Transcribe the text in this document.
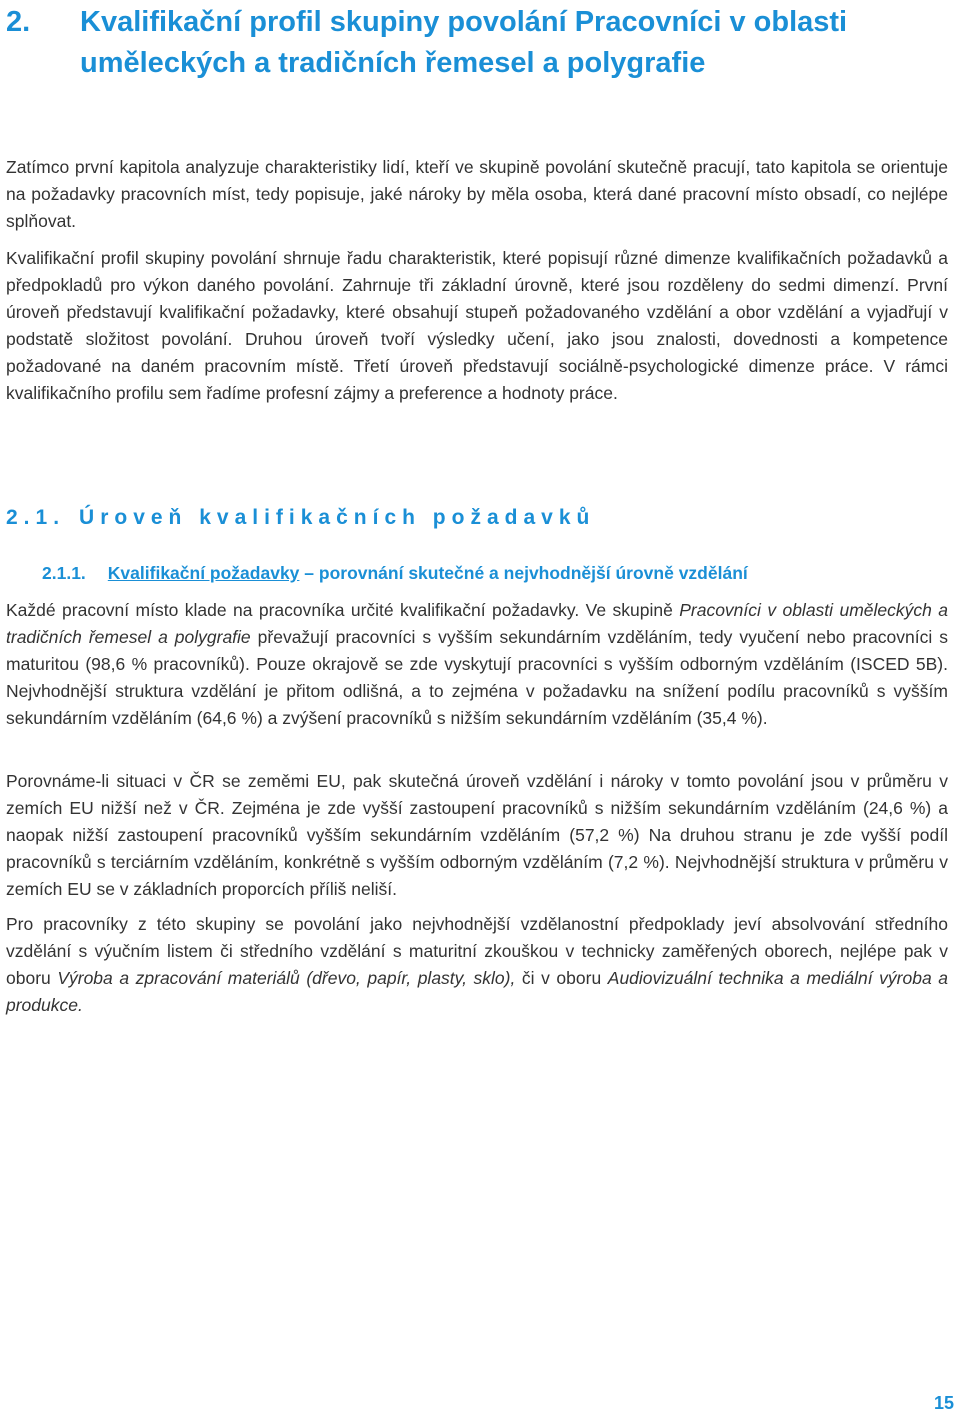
2. Kvalifikační profil skupiny povolání Pracovníci v oblasti
uměleckých a tradičních řemesel a polygrafie

Zatímco první kapitola analyzuje charakteristiky lidí, kteří ve skupině povolání skutečně pracují, tato kapitola se orientuje na požadavky pracovních míst, tedy popisuje, jaké nároky by měla osoba, která dané pracovní místo obsadí, co nejlépe splňovat.

Kvalifikační profil skupiny povolání shrnuje řadu charakteristik, které popisují různé dimenze kvalifikačních požadavků a předpokladů pro výkon daného povolání. Zahrnuje tři základní úrovně, které jsou rozděleny do sedmi dimenzí. První úroveň představují kvalifikační požadavky, které obsahují stupeň požadovaného vzdělání a obor vzdělání a vyjadřují v podstatě složitost povolání. Druhou úroveň tvoří výsledky učení, jako jsou znalosti, dovednosti a kompetence požadované na daném pracovním místě. Třetí úroveň představují sociálně-psychologické dimenze práce. V rámci kvalifikačního profilu sem řadíme profesní zájmy a preference a hodnoty práce.

2.1. Úroveň kvalifikačních požadavků
2.1.1. Kvalifikační požadavky – porovnání skutečné a nejvhodnější úrovně vzdělání

Každé pracovní místo klade na pracovníka určité kvalifikační požadavky. Ve skupině Pracovníci v oblasti uměleckých a tradičních řemesel a polygrafie převažují pracovníci s vyšším sekundárním vzděláním, tedy vyučení nebo pracovníci s maturitou (98,6 % pracovníků). Pouze okrajově se zde vyskytují pracovníci s vyšším odborným vzděláním (ISCED 5B). Nejvhodnější struktura vzdělání je přitom odlišná, a to zejména v požadavku na snížení podílu pracovníků s vyšším sekundárním vzděláním (64,6 %) a zvýšení pracovníků s nižším sekundárním vzděláním (35,4 %).

Porovnáme-li situaci v ČR se zeměmi EU, pak skutečná úroveň vzdělání i nároky v tomto povolání jsou v průměru v zemích EU nižší než v ČR. Zejména je zde vyšší zastoupení pracovníků s nižším sekundárním vzděláním (24,6 %) a naopak nižší zastoupení pracovníků vyšším sekundárním vzděláním (57,2 %) Na druhou stranu je zde vyšší podíl pracovníků s terciárním vzděláním, konkrétně s vyšším odborným vzděláním (7,2 %). Nejvhodnější struktura v průměru v zemích EU se v základních proporcích příliš neliší.

Pro pracovníky z této skupiny se povolání jako nejvhodnější vzdělanostní předpoklady jeví absolvování středního vzdělání s výučním listem či středního vzdělání s maturitní zkouškou v technicky zaměřených oborech, nejlépe pak v oboru Výroba a zpracování materiálů (dřevo, papír, plasty, sklo), či v oboru Audiovizuální technika a mediální výroba a produkce.

15
